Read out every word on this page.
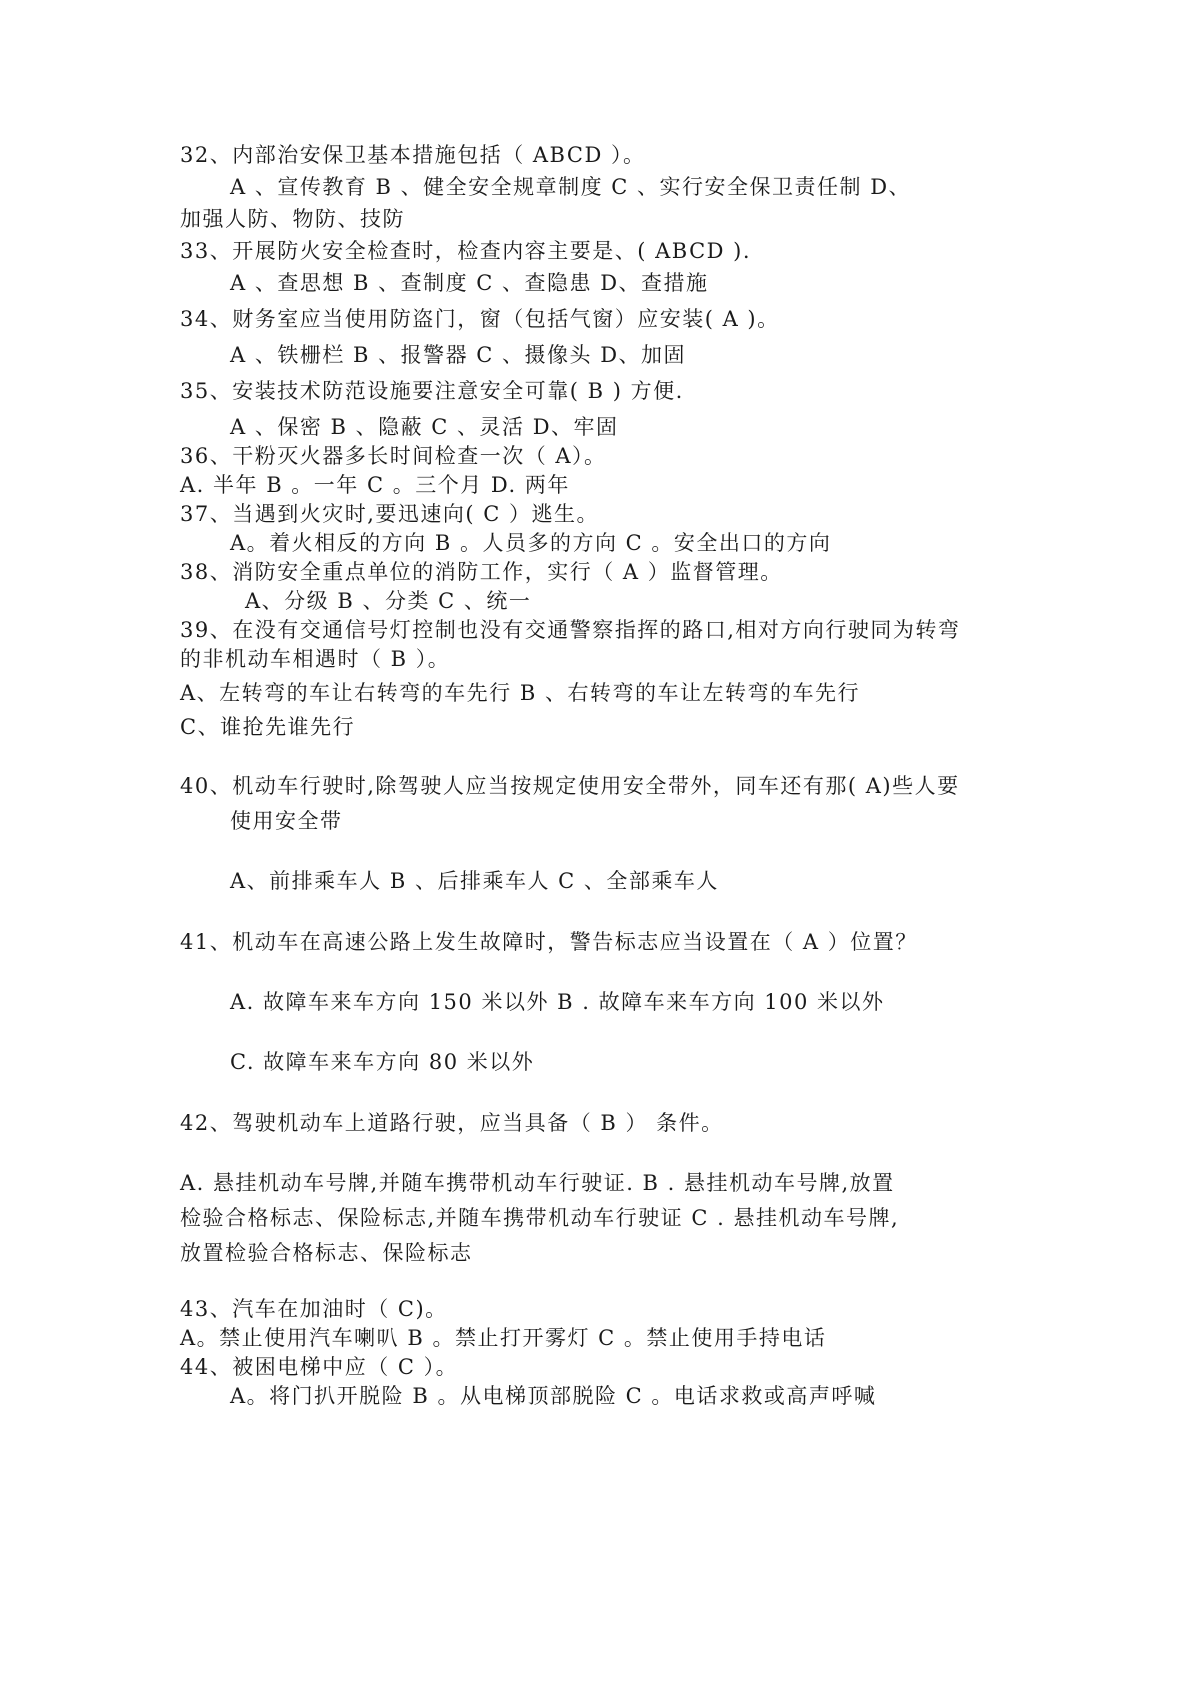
32、内部治安保卫基本措施包括（ ABCD ）。
A 、宣传教育 B 、健全安全规章制度 C 、实行安全保卫责任制 D、
加强人防、物防、技防
33、开展防火安全检查时，检查内容主要是、( ABCD ).
A 、查思想 B 、查制度 C 、查隐患 D、查措施
34、财务室应当使用防盗门，窗（包括气窗）应安装( A )。
A 、铁栅栏 B 、报警器 C 、摄像头 D、加固
35、安装技术防范设施要注意安全可靠( B ) 方便.
A 、保密 B 、隐蔽 C 、灵活 D、牢固
36、干粉灭火器多长时间检查一次（ A）。
A. 半年 B 。一年 C 。三个月 D. 两年
37、当遇到火灾时,要迅速向( C ）逃生。
A。着火相反的方向 B 。人员多的方向 C 。安全出口的方向
38、消防安全重点单位的消防工作，实行（ A ）监督管理。
A、分级 B 、分类 C 、统一
39、在没有交通信号灯控制也没有交通警察指挥的路口,相对方向行驶同为转弯
的非机动车相遇时（ B ）。
A、左转弯的车让右转弯的车先行 B 、右转弯的车让左转弯的车先行
C、谁抢先谁先行
40、机动车行驶时,除驾驶人应当按规定使用安全带外，同车还有那( A)些人要
使用安全带
A、前排乘车人 B 、后排乘车人 C 、全部乘车人
41、机动车在高速公路上发生故障时，警告标志应当设置在（ A ）位置？
A. 故障车来车方向 150 米以外 B . 故障车来车方向 100 米以外
C. 故障车来车方向 80 米以外
42、驾驶机动车上道路行驶，应当具备（ B ） 条件。
A. 悬挂机动车号牌,并随车携带机动车行驶证. B . 悬挂机动车号牌,放置
检验合格标志、保险标志,并随车携带机动车行驶证 C . 悬挂机动车号牌,
放置检验合格标志、保险标志
43、汽车在加油时（ C)。
A。禁止使用汽车喇叭 B 。禁止打开雾灯 C 。禁止使用手持电话
44、被困电梯中应（ C ）。
A。将门扒开脱险 B 。从电梯顶部脱险 C 。电话求救或高声呼喊
